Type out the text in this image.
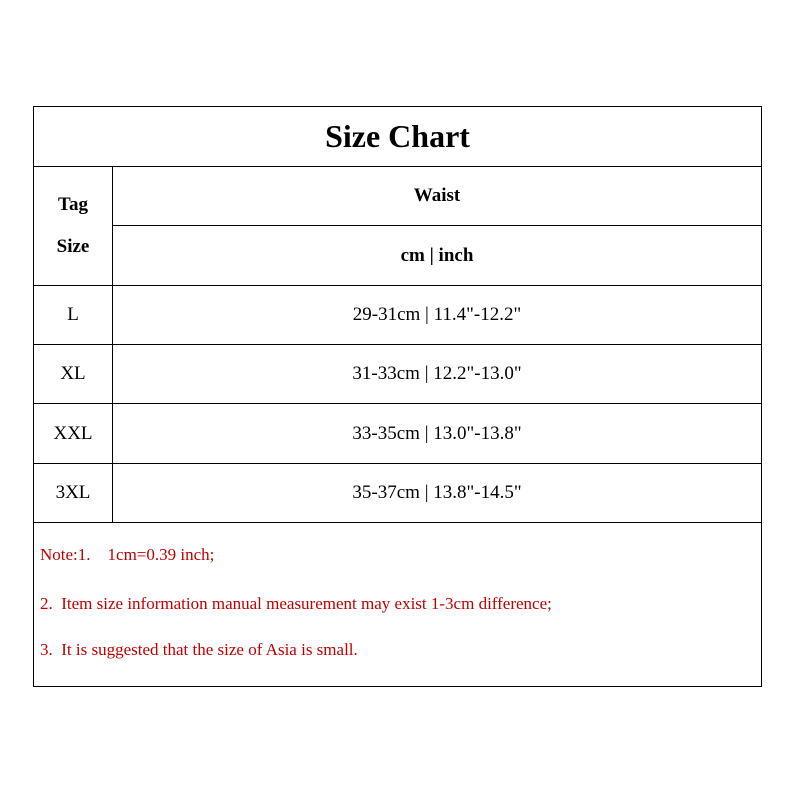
Size Chart
Tag
Size
Waist
cm | inch
L	29-31cm | 11.4"-12.2"
XL	31-33cm | 12.2"-13.0"
XXL	33-35cm | 13.0"-13.8"
3XL	35-37cm | 13.8"-14.5"
Note:1.    1cm=0.39 inch;
2.  Item size information manual measurement may exist 1-3cm difference;
3.  It is suggested that the size of Asia is small.
